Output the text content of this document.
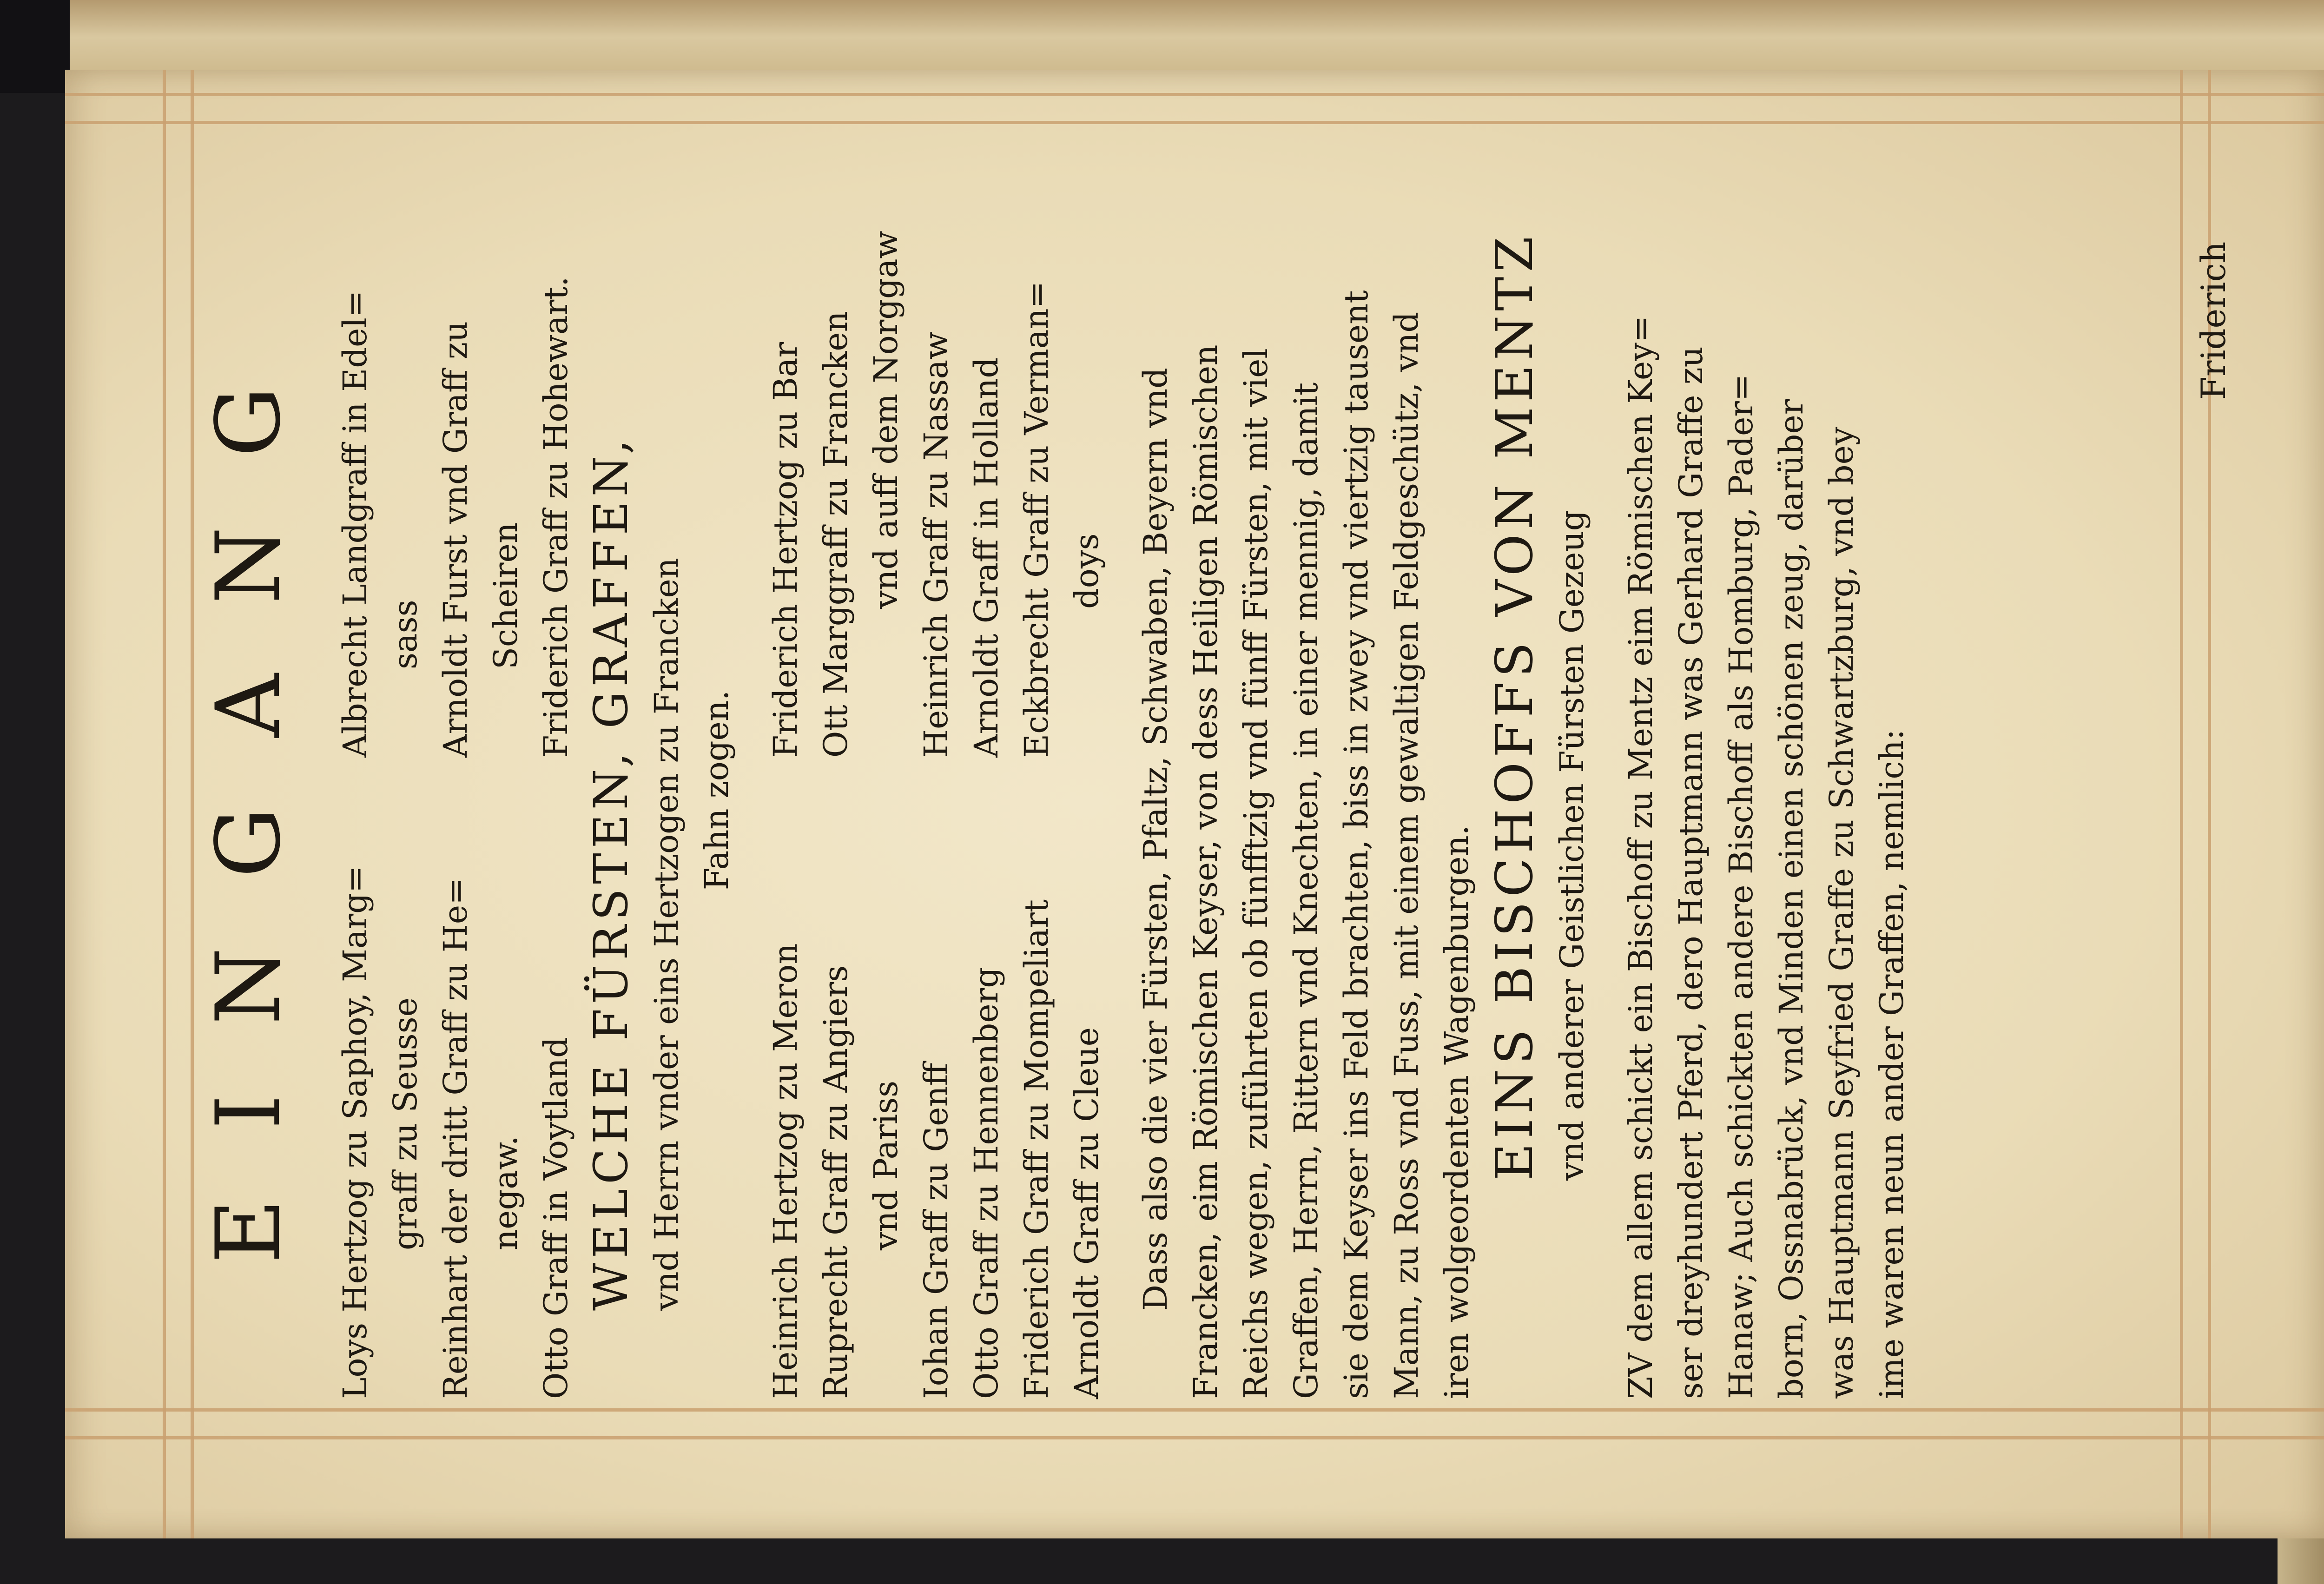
EINGANG	Loys Hertzog zu Saphoy, Marg= graff zu Seusse Reinhart der dritt Graff zu He= negaw. Otto Graff in Voytland
Albrecht Landgraff in Edel= sass Arnoldt Furst vnd Graff zu Scheiren Friderich Graff zu Hohewart. WELCHE FÜRSTEN, GRAFFEN, vnd Herrn vnder eins Hertzogen zu Francken Fahn zogen.
Heinrich Hertzog zu Meron Ruprecht Graff zu Angiers vnd Pariss Iohan Graff zu Genff Otto Graff zu Hennenberg Friderich Graff zu Mompeliart Arnoldt Graff zu Cleue
Friderich Hertzog zu Bar Ott Marggraff zu Francken vnd auff dem Norggaw Heinrich Graff zu Nassaw Arnoldt Graff in Holland Eckbrecht Graff zu Verman= doys Dass also die vier Fürsten, Pfaltz, Schwaben, Beyern vnd Francken, eim Römischen Keyser, von dess Heiligen Römischen Reichs wegen, zuführten ob fünfftzig vnd fünff Fürsten, mit viel Graffen, Herrn, Rittern vnd Knechten, in einer mennig, damit sie dem Keyser ins Feld brachten, biss in zwey vnd viertzig tausent Mann, zu Ross vnd Fuss, mit einem gewaltigen Feldgeschütz, vnd iren wolgeordenten Wagenburgen. EINS BISCHOFFS VON MENTZ vnd anderer Geistlichen Fürsten Gezeug ZV dem allem schickt ein Bischoff zu Mentz eim Römischen Key= ser dreyhundert Pferd, dero Hauptmann was Gerhard Graffe zu Hanaw; Auch schickten andere Bischoff als Homburg, Pader= born, Ossnabrück, vnd Minden einen schönen zeug, darüber was Hauptmann Seyfried Graffe zu Schwartzburg, vnd bey ime waren neun ander Graffen, nemlich:
Friderich
